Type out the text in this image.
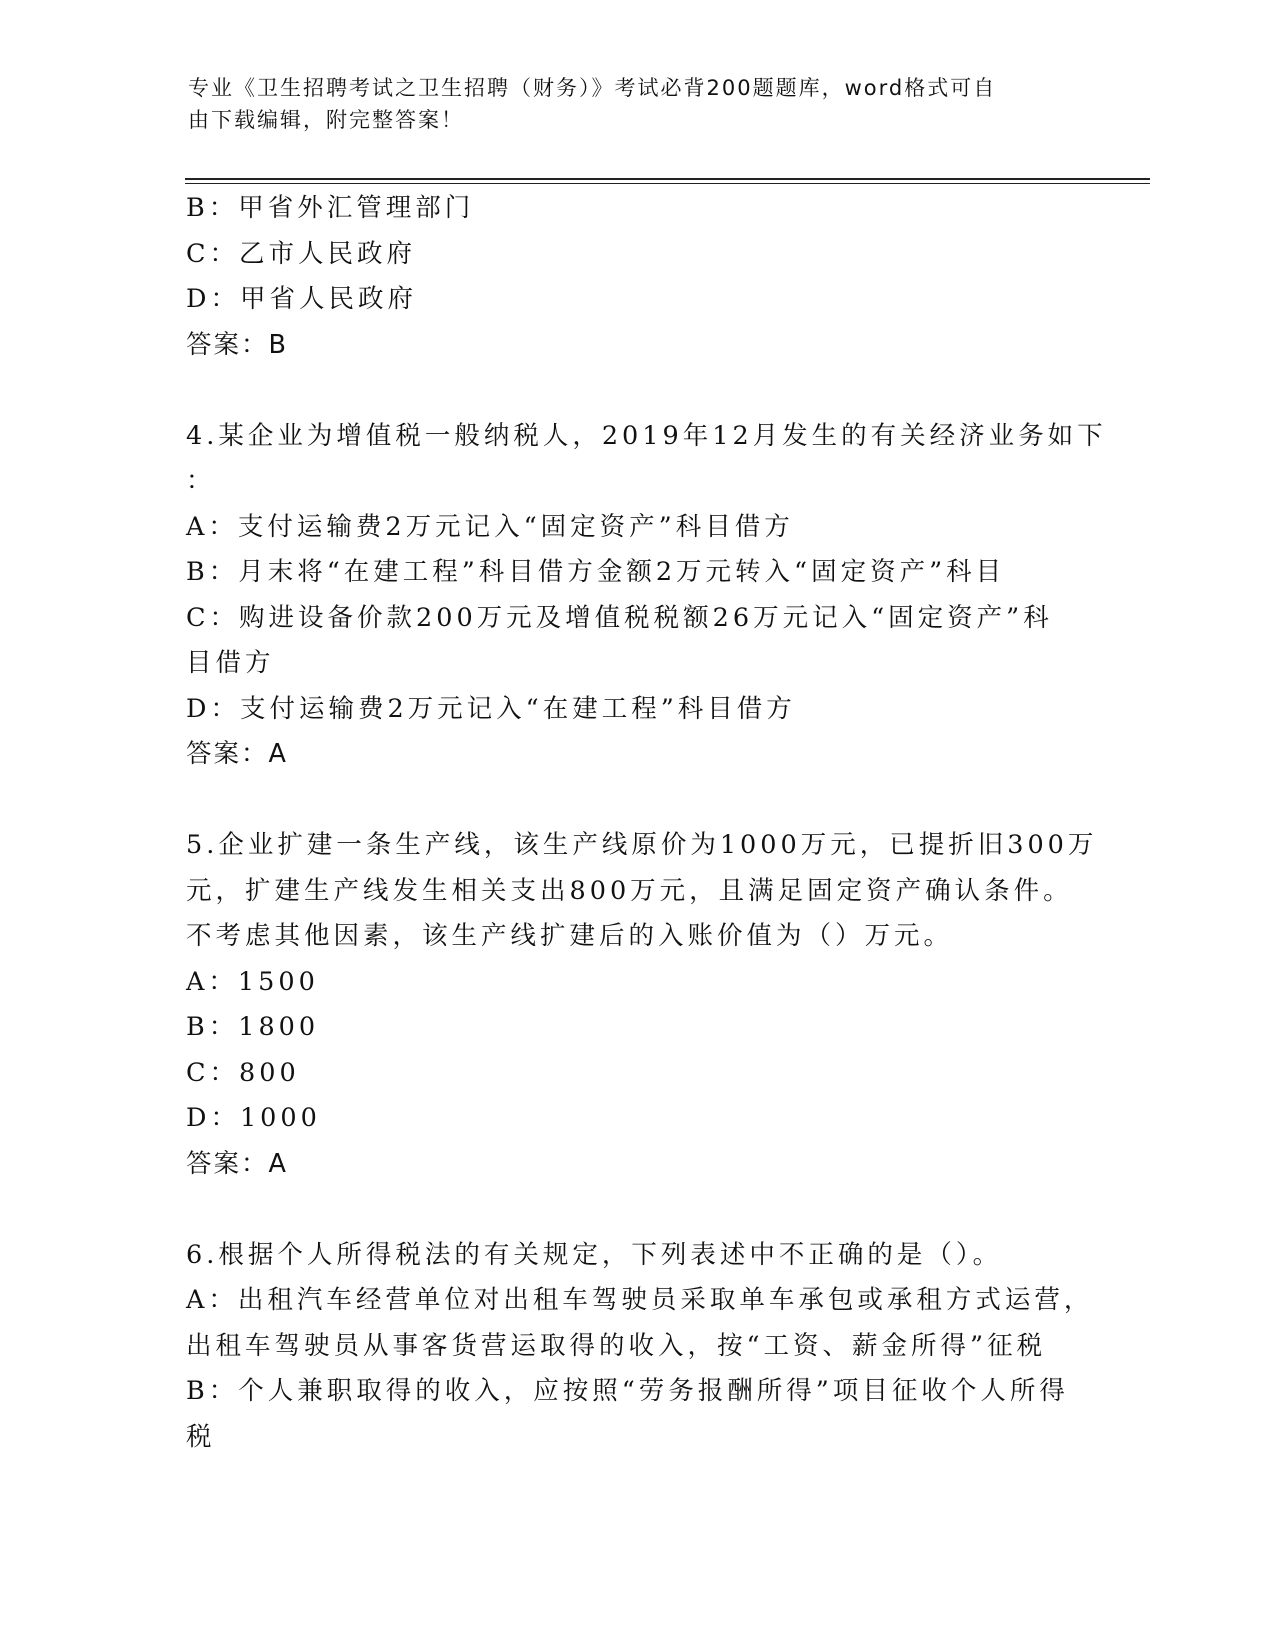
专业《卫生招聘考试之卫生招聘（财务）》考试必背200题题库，word格式可自
由下载编辑，附完整答案！
B：甲省外汇管理部门
C：乙市人民政府
D：甲省人民政府
答案：B
4.某企业为增值税一般纳税人，2019年12月发生的有关经济业务如下
：
A：支付运输费2万元记入“固定资产”科目借方
B：月末将“在建工程”科目借方金额2万元转入“固定资产”科目
C：购进设备价款200万元及增值税税额26万元记入“固定资产”科
目借方
D：支付运输费2万元记入“在建工程”科目借方
答案：A
5.企业扩建一条生产线，该生产线原价为1000万元，已提折旧300万
元，扩建生产线发生相关支出800万元，且满足固定资产确认条件。
不考虑其他因素，该生产线扩建后的入账价值为（）万元。
A：1500
B：1800
C：800
D：1000
答案：A
6.根据个人所得税法的有关规定，下列表述中不正确的是（）。
A：出租汽车经营单位对出租车驾驶员采取单车承包或承租方式运营，
出租车驾驶员从事客货营运取得的收入，按“工资、薪金所得”征税
B：个人兼职取得的收入，应按照“劳务报酬所得”项目征收个人所得
税
